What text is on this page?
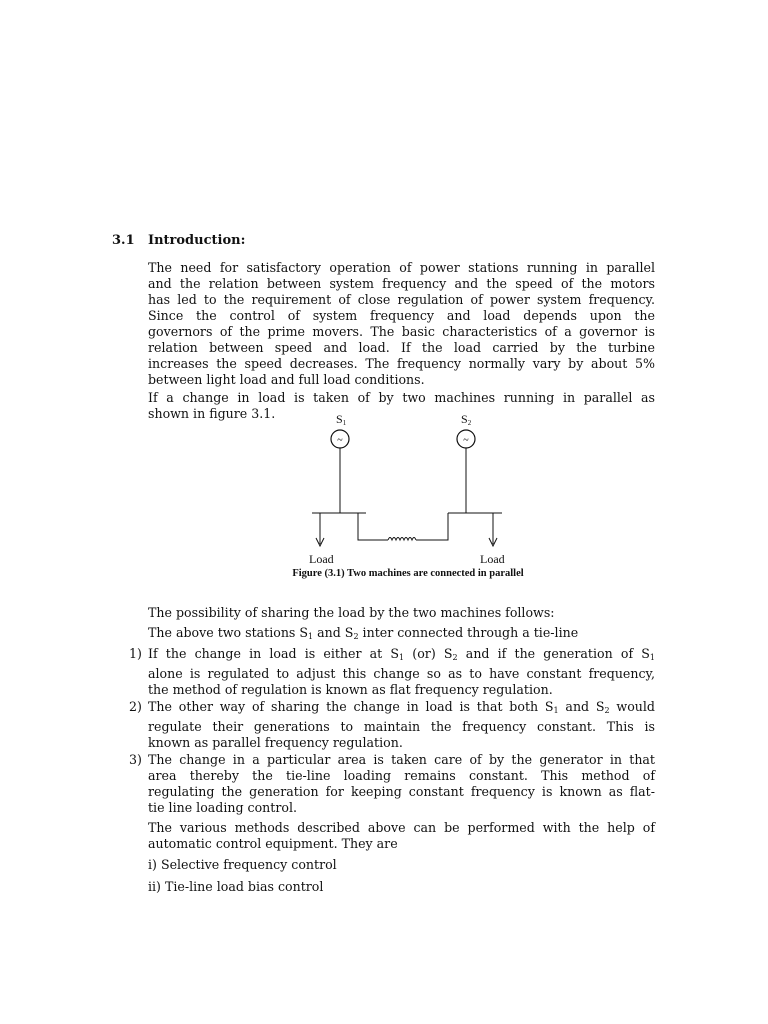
3.1 Introduction:
The need for satisfactory operation of power stations running in parallel
and the relation between system frequency and the speed of the motors
has led to the requirement of close regulation of power system frequency.
Since the control of system frequency and load depends upon the
governors of the prime movers. The basic characteristics of a governor is
relation between speed and load. If the load carried by the turbine
increases the speed decreases. The frequency normally vary by about 5%
between light load and full load conditions.
If a change in load is taken of by two machines running in parallel as
shown in figure 3.1.	$S_1$	$S_2$
~	~
Load	Load
Figure (3.1) Two machines are connected in parallel
The possibility of sharing the load by the two machines follows:
The above two stations $S_1$ and $S_2$ inter connected through a tie-line
1) If the change in load is either at $S_1$ (or) $S_2$ and if the generation of $S_1$
alone is regulated to adjust this change so as to have constant frequency,
the method of regulation is known as flat frequency regulation.
2) The other way of sharing the change in load is that both $S_1$ and $S_2$ would
regulate their generations to maintain the frequency constant. This is
known as parallel frequency regulation.
3) The change in a particular area is taken care of by the generator in that
area thereby the tie-line loading remains constant. This method of
regulating the generation for keeping constant frequency is known as flat-
tie line loading control.
The various methods described above can be performed with the help of
automatic control equipment. They are
i) Selective frequency control
ii) Tie-line load bias control
